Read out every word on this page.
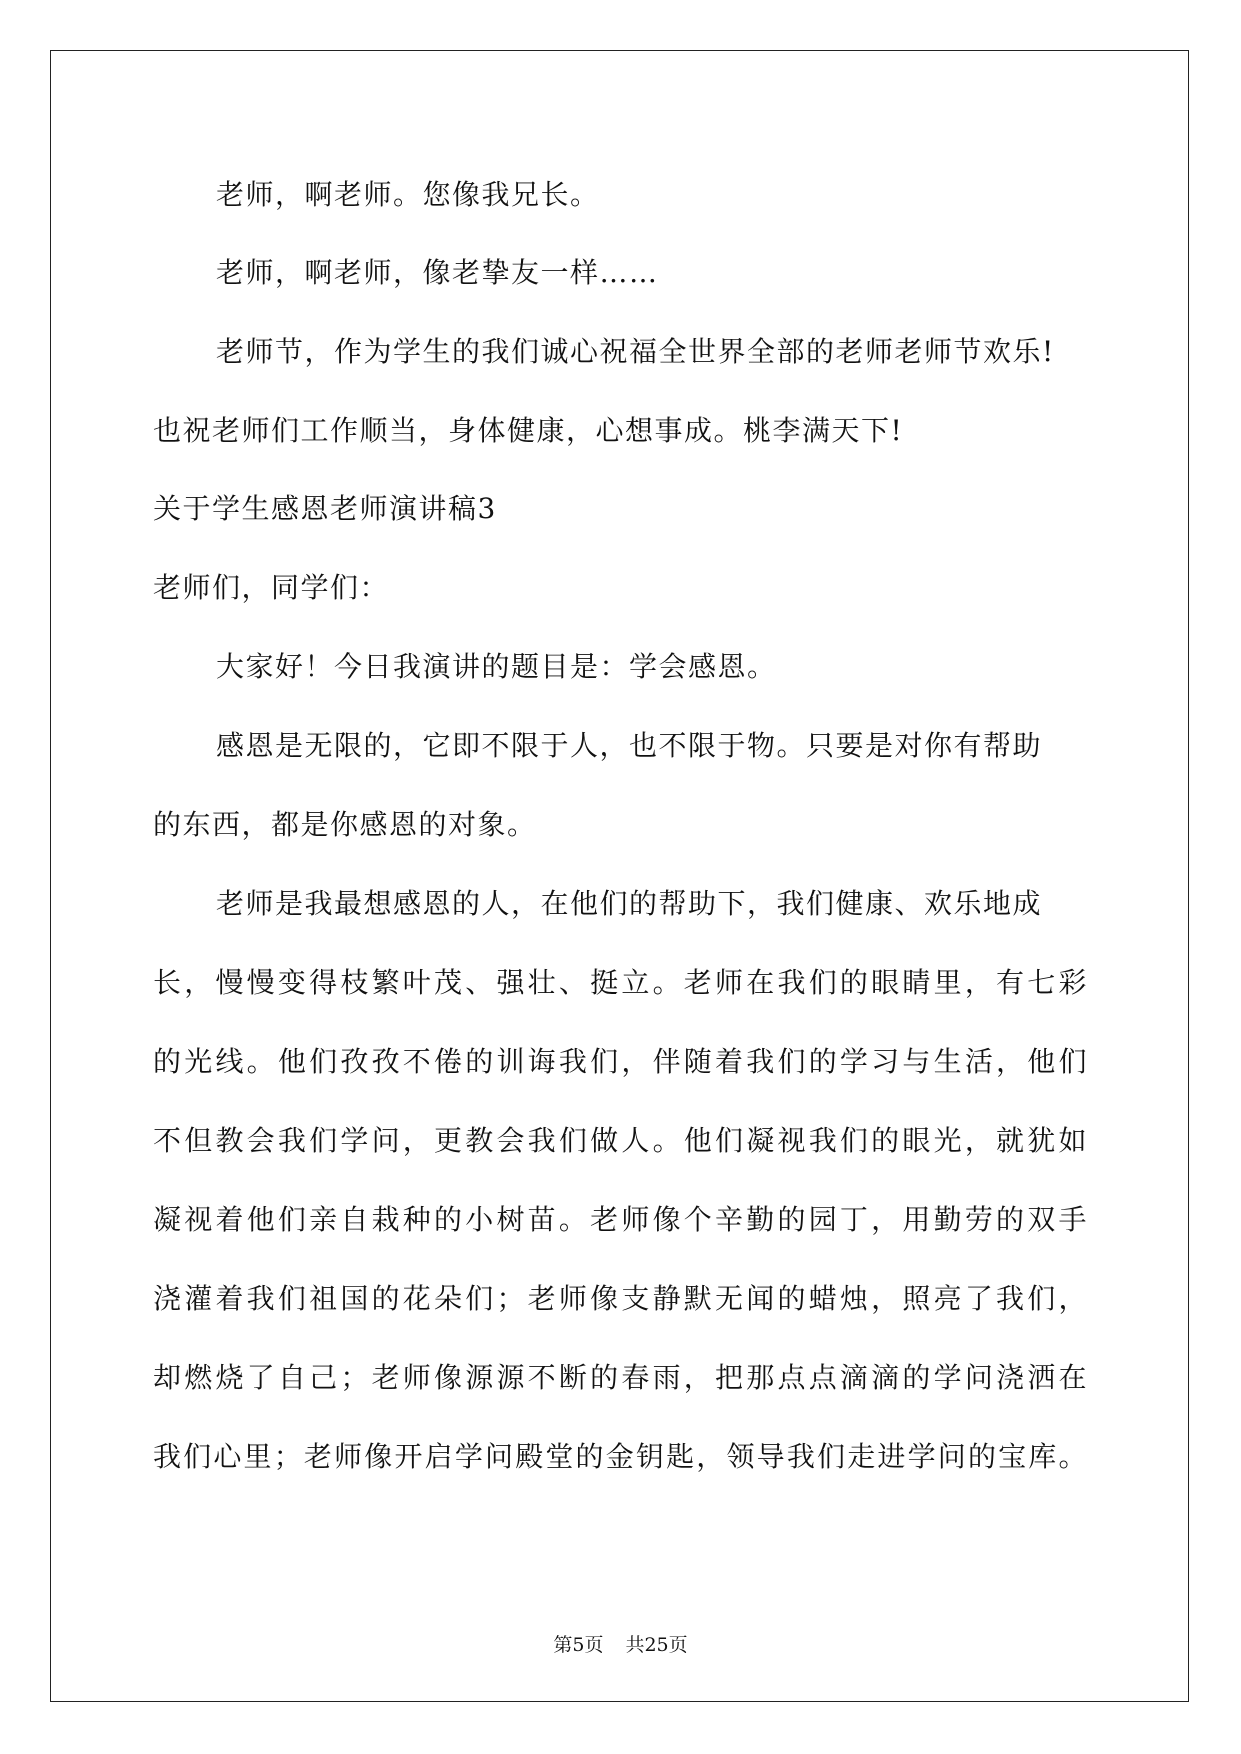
老师，啊老师。您像我兄长。
老师，啊老师，像老挚友一样……
老师节，作为学生的我们诚心祝福全世界全部的老师老师节欢乐!
也祝老师们工作顺当，身体健康，心想事成。桃李满天下!
关于学生感恩老师演讲稿3
老师们，同学们：
大家好！今日我演讲的题目是：学会感恩。
感恩是无限的，它即不限于人，也不限于物。只要是对你有帮助
的东西，都是你感恩的对象。
老师是我最想感恩的人，在他们的帮助下，我们健康、欢乐地成
长，慢慢变得枝繁叶茂、强壮、挺立。老师在我们的眼睛里，有七彩
的光线。他们孜孜不倦的训诲我们，伴随着我们的学习与生活，他们
不但教会我们学问，更教会我们做人。他们凝视我们的眼光，就犹如
凝视着他们亲自栽种的小树苗。老师像个辛勤的园丁，用勤劳的双手
浇灌着我们祖国的花朵们；老师像支静默无闻的蜡烛，照亮了我们，
却燃烧了自己；老师像源源不断的春雨，把那点点滴滴的学问浇洒在
我们心里；老师像开启学问殿堂的金钥匙，领导我们走进学问的宝库。
第5页 共25页
